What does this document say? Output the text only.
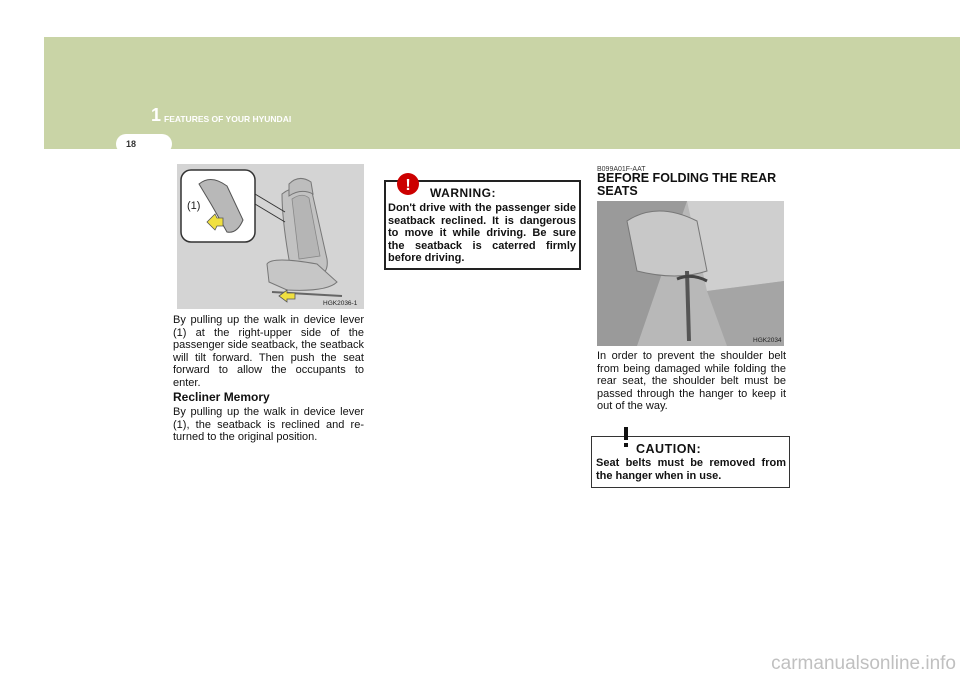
1 FEATURES OF YOUR HYUNDAI
18
(1)
HGK2036-1
By pulling up the walk in device lever (1) at the right-upper side of the passenger side seatback, the seatback will tilt forward. Then push the seat forward to allow the occupants to enter.
Recliner Memory
By pulling up the walk in device lever (1), the seatback is reclined and re-turned to the original position.
! WARNING:
Don't drive with the passenger side seatback reclined. It is dangerous to move it while driving. Be sure the seatback is caterred firmly before driving.
B099A01F-AAT
BEFORE FOLDING THE REAR SEATS
HGK2034
In order to prevent the shoulder belt from being damaged while folding the rear seat, the shoulder belt must be passed through the hanger to keep it out of the way.
CAUTION:
Seat belts must be removed from the hanger when in use.
carmanualsonline.info
